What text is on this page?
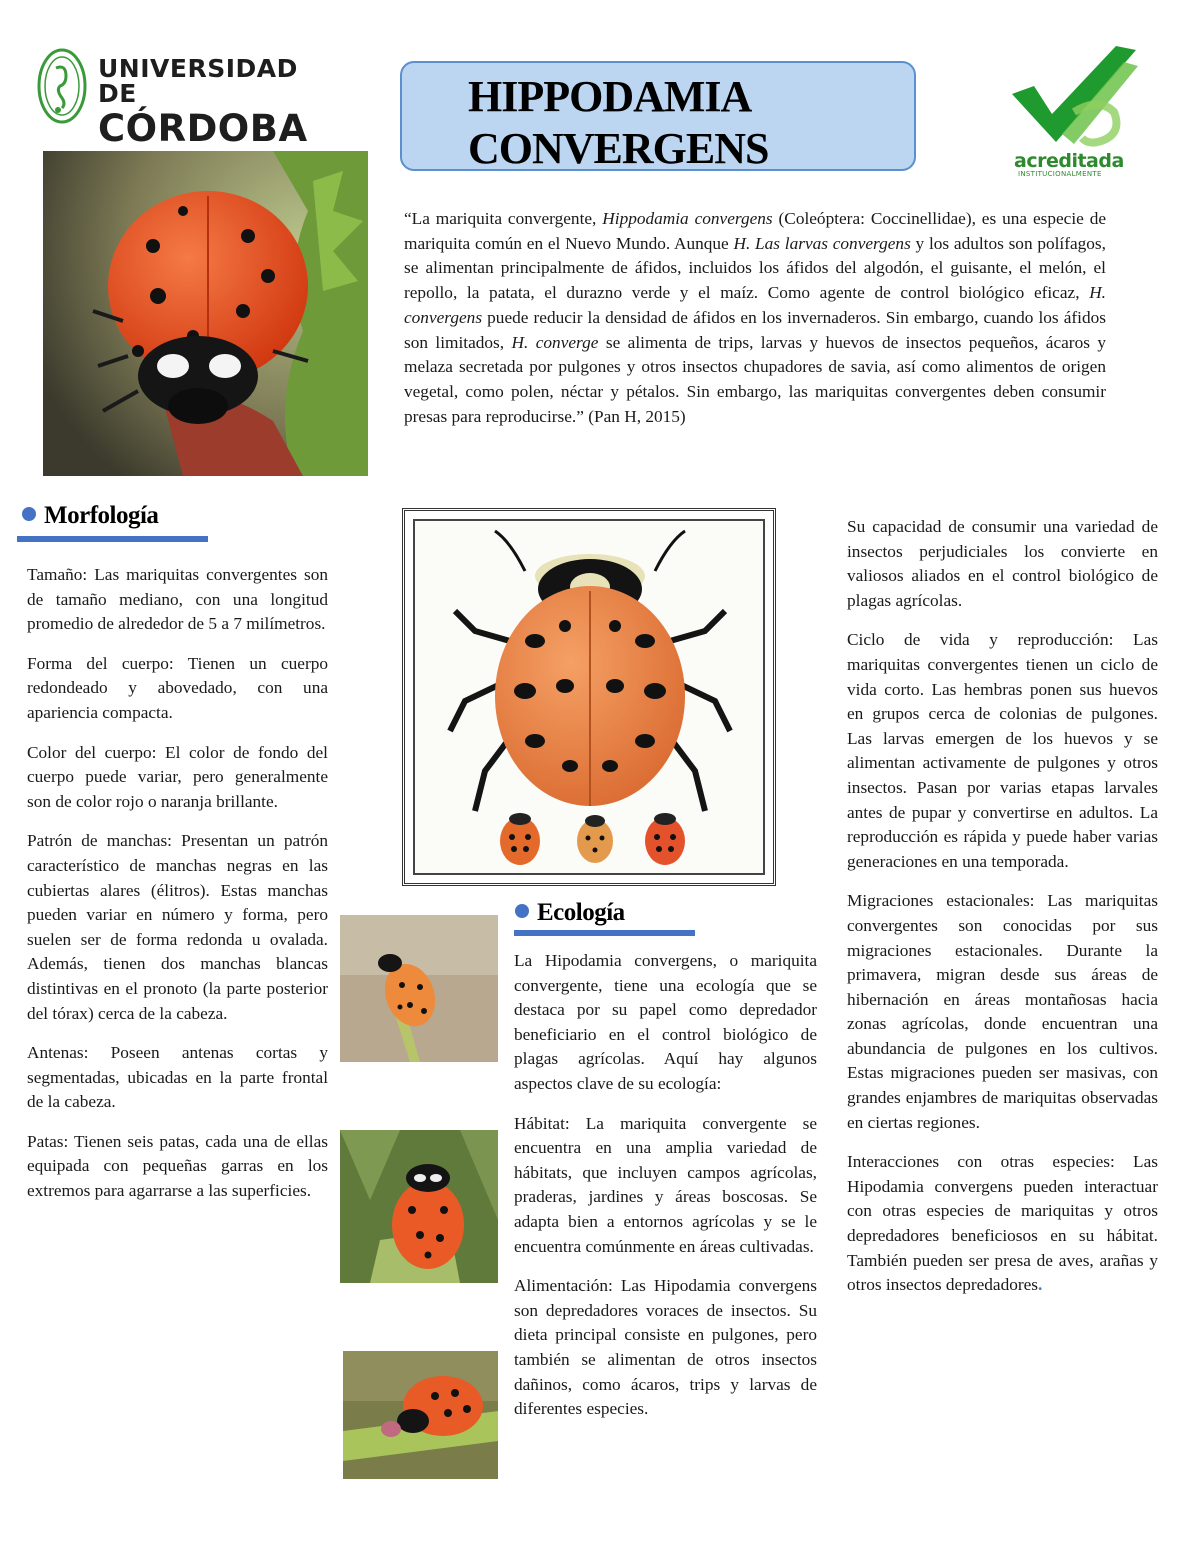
UNIVERSIDAD DE
CÓRDOBA
HIPPODAMIA
CONVERGENS	acreditada
INSTITUCIONALMENTE
“La mariquita convergente, Hippodamia convergens (Coleóptera: Coccinellidae), es una especie de mariquita común en el Nuevo Mundo. Aunque H. Las larvas convergens y los adultos son polífagos, se alimentan principalmente de áfidos, incluidos los áfidos del algodón, el guisante, el melón, el repollo, la patata, el durazno verde y el maíz. Como agente de control biológico eficaz, H. convergens puede reducir la densidad de áfidos en los invernaderos. Sin embargo, cuando los áfidos son limitados, H. converge se alimenta de trips, larvas y huevos de insectos pequeños, ácaros y melaza secretada por pulgones y otros insectos chupadores de savia, así como alimentos de origen vegetal, como polen, néctar y pétalos. Sin embargo, las mariquitas convergentes deben consumir presas para reproducirse.” (Pan H, 2015)
Morfología

Tamaño: Las mariquitas convergentes son de tamaño mediano, con una longitud promedio de alrededor de 5 a 7 milímetros.

Forma del cuerpo: Tienen un cuerpo redondeado y abovedado, con una apariencia compacta.

Color del cuerpo: El color de fondo del cuerpo puede variar, pero generalmente son de color rojo o naranja brillante.

Patrón de manchas: Presentan un patrón característico de manchas negras en las cubiertas alares (élitros). Estas manchas pueden variar en número y forma, pero suelen ser de forma redonda u ovalada. Además, tienen dos manchas blancas distintivas en el pronoto (la parte posterior del tórax) cerca de la cabeza.

Antenas: Poseen antenas cortas y segmentadas, ubicadas en la parte frontal de la cabeza.

Patas: Tienen seis patas, cada una de ellas equipada con pequeñas garras en los extremos para agarrarse a las superficies.

Ecología

La Hipodamia convergens, o mariquita convergente, tiene una ecología que se destaca por su papel como depredador beneficiario en el control biológico de plagas agrícolas. Aquí hay algunos aspectos clave de su ecología:

Hábitat: La mariquita convergente se encuentra en una amplia variedad de hábitats, que incluyen campos agrícolas, praderas, jardines y áreas boscosas. Se adapta bien a entornos agrícolas y se le encuentra comúnmente en áreas cultivadas.

Alimentación: Las Hipodamia convergens son depredadores voraces de insectos. Su dieta principal consiste en pulgones, pero también se alimentan de otros insectos dañinos, como ácaros, trips y larvas de diferentes especies.

Su capacidad de consumir una variedad de insectos perjudiciales los convierte en valiosos aliados en el control biológico de plagas agrícolas.

Ciclo de vida y reproducción: Las mariquitas convergentes tienen un ciclo de vida corto. Las hembras ponen sus huevos en grupos cerca de colonias de pulgones. Las larvas emergen de los huevos y se alimentan activamente de pulgones y otros insectos. Pasan por varias etapas larvales antes de pupar y convertirse en adultos. La reproducción es rápida y puede haber varias generaciones en una temporada.

Migraciones estacionales: Las mariquitas convergentes son conocidas por sus migraciones estacionales. Durante la primavera, migran desde sus áreas de hibernación en áreas montañosas hacia zonas agrícolas, donde encuentran una abundancia de pulgones en los cultivos. Estas migraciones pueden ser masivas, con grandes enjambres de mariquitas observadas en ciertas regiones.

Interacciones con otras especies: Las Hipodamia convergens pueden interactuar con otras especies de mariquitas y otros depredadores beneficiosos en su hábitat. También pueden ser presa de aves, arañas y otros insectos depredadores.
